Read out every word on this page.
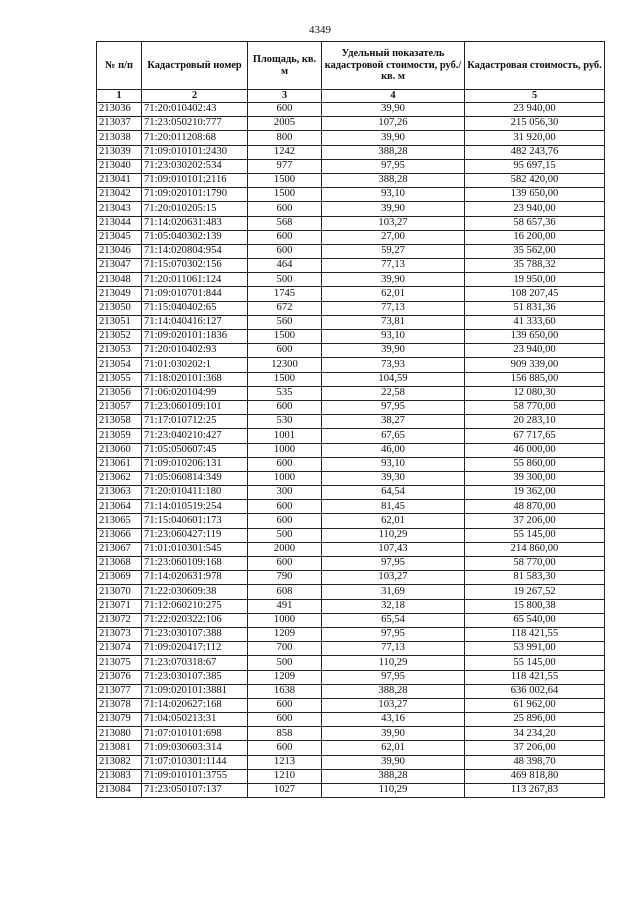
4349
№ п/п	Кадастровый номер	Площадь, кв. м	Удельный показатель кадастровой стоимости, руб./кв. м	Кадастровая стоимость, руб.
1	2	3	4	5
213036	71:20:010402:43	600	39,90	23 940,00
213037	71:23:050210:777	2005	107,26	215 056,30
213038	71:20:011208:68	800	39,90	31 920,00
213039	71:09:010101:2430	1242	388,28	482 243,76
213040	71:23:030202:534	977	97,95	95 697,15
213041	71:09:010101:2116	1500	388,28	582 420,00
213042	71:09:020101:1790	1500	93,10	139 650,00
213043	71:20:010205:15	600	39,90	23 940,00
213044	71:14:020631:483	568	103,27	58 657,36
213045	71:05:040302:139	600	27,00	16 200,00
213046	71:14:020804:954	600	59,27	35 562,00
213047	71:15:070302:156	464	77,13	35 788,32
213048	71:20:011061:124	500	39,90	19 950,00
213049	71:09:010701:844	1745	62,01	108 207,45
213050	71:15:040402:65	672	77,13	51 831,36
213051	71:14:040416:127	560	73,81	41 333,60
213052	71:09:020101:1836	1500	93,10	139 650,00
213053	71:20:010402:93	600	39,90	23 940,00
213054	71:01:030202:1	12300	73,93	909 339,00
213055	71:18:020101:368	1500	104,59	156 885,00
213056	71:06:020104:99	535	22,58	12 080,30
213057	71:23:060109:101	600	97,95	58 770,00
213058	71:17:010712:25	530	38,27	20 283,10
213059	71:23:040210:427	1001	67,65	67 717,65
213060	71:05:050607:45	1000	46,00	46 000,00
213061	71:09:010206:131	600	93,10	55 860,00
213062	71:05:060814:349	1000	39,30	39 300,00
213063	71:20:010411:180	300	64,54	19 362,00
213064	71:14:010519:254	600	81,45	48 870,00
213065	71:15:040601:173	600	62,01	37 206,00
213066	71:23:060427:119	500	110,29	55 145,00
213067	71:01:010301:545	2000	107,43	214 860,00
213068	71:23:060109:168	600	97,95	58 770,00
213069	71:14:020631:978	790	103,27	81 583,30
213070	71:22:030609:38	608	31,69	19 267,52
213071	71:12:060210:275	491	32,18	15 800,38
213072	71:22:020322:106	1000	65,54	65 540,00
213073	71:23:030107:388	1209	97,95	118 421,55
213074	71:09:020417:112	700	77,13	53 991,00
213075	71:23:070318:67	500	110,29	55 145,00
213076	71:23:030107:385	1209	97,95	118 421,55
213077	71:09:020101:3881	1638	388,28	636 002,64
213078	71:14:020627:168	600	103,27	61 962,00
213079	71:04:050213:31	600	43,16	25 896,00
213080	71:07:010101:698	858	39,90	34 234,20
213081	71:09:030603:314	600	62,01	37 206,00
213082	71:07:010301:1144	1213	39,90	48 398,70
213083	71:09:010101:3755	1210	388,28	469 818,80
213084	71:23:050107:137	1027	110,29	113 267,83
